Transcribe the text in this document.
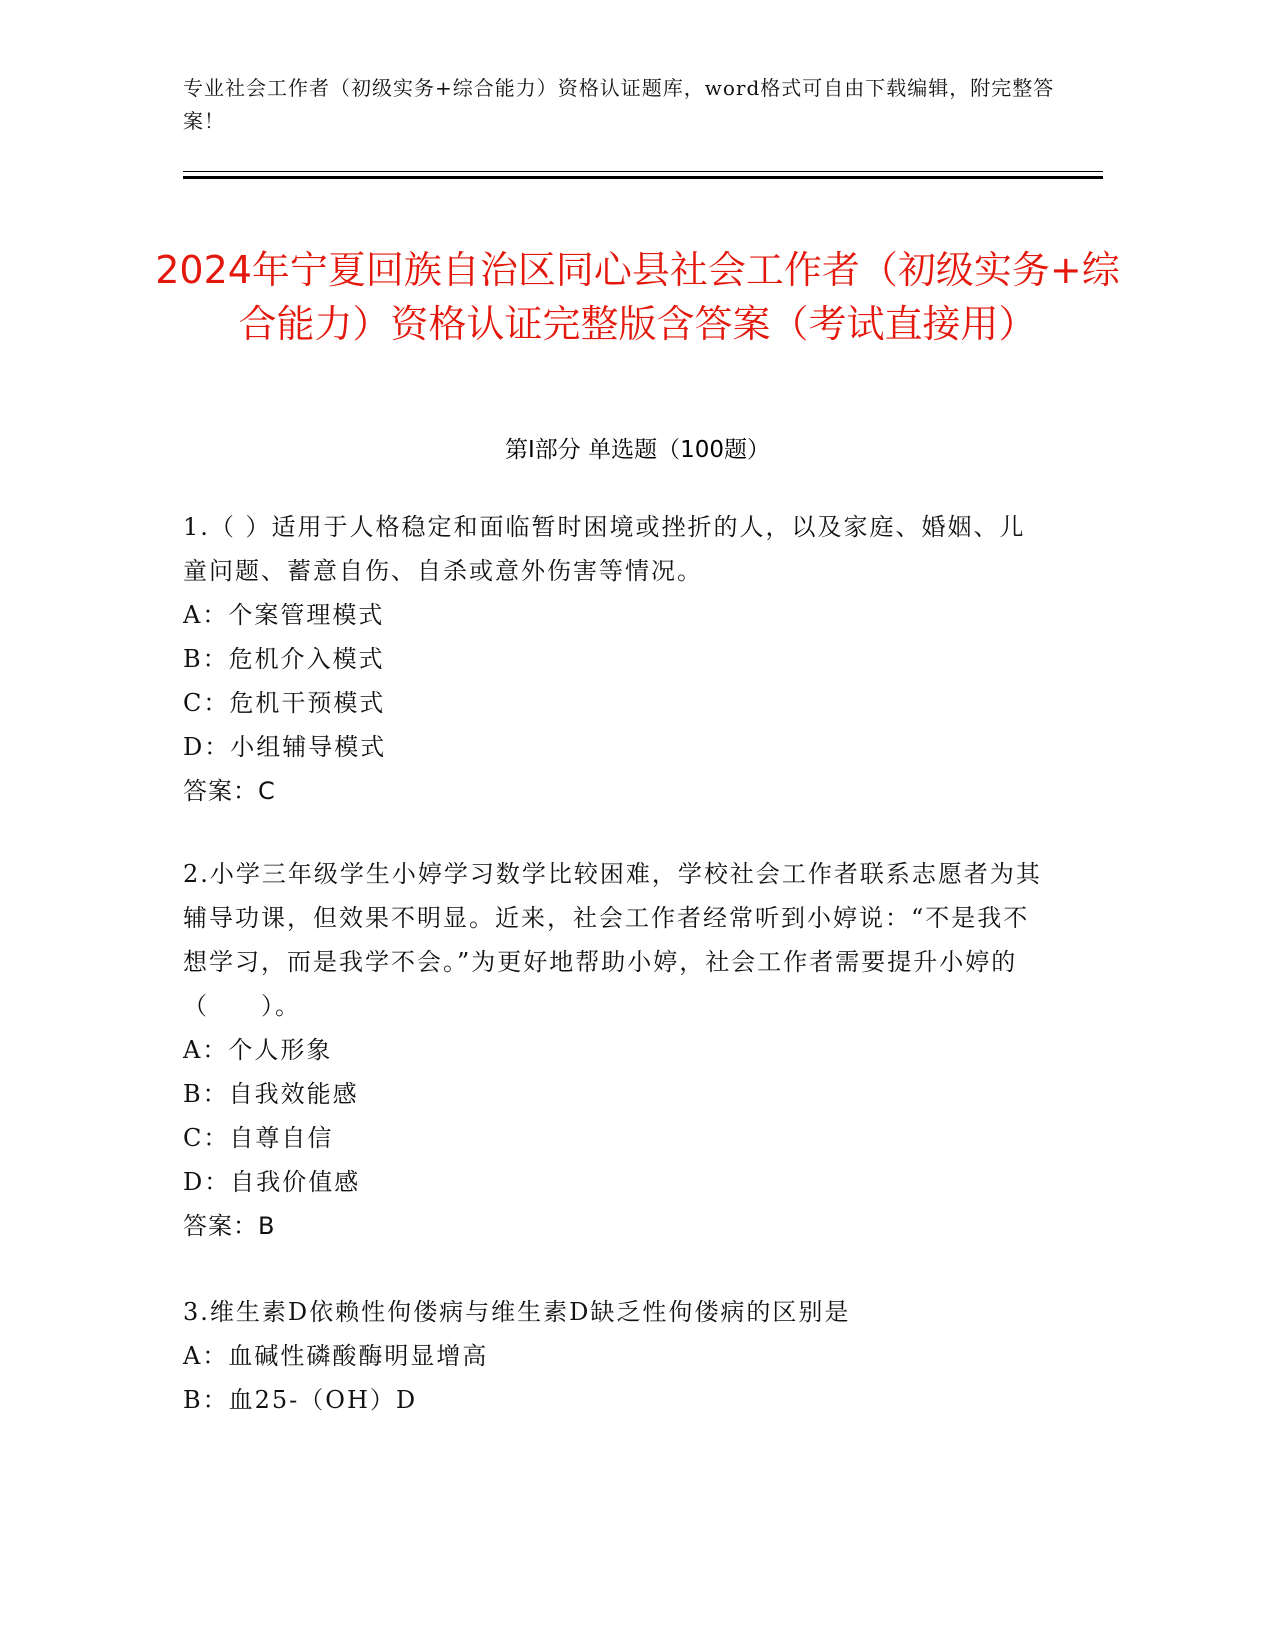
专业社会工作者（初级实务+综合能力）资格认证题库，word格式可自由下载编辑，附完整答案！
2024年宁夏回族自治区同心县社会工作者（初级实务+综合能力）资格认证完整版含答案（考试直接用）
第I部分 单选题（100题）

1.（ ）适用于人格稳定和面临暂时困境或挫折的人，以及家庭、婚姻、儿童问题、蓄意自伤、自杀或意外伤害等情况。

A：个案管理模式

B：危机介入模式

C：危机干预模式

D：小组辅导模式

答案：C

2.小学三年级学生小婷学习数学比较困难，学校社会工作者联系志愿者为其辅导功课，但效果不明显。近来，社会工作者经常听到小婷说：“不是我不想学习，而是我学不会。”为更好地帮助小婷，社会工作者需要提升小婷的（　　）。

A：个人形象

B：自我效能感

C：自尊自信

D：自我价值感

答案：B

3.维生素D依赖性佝偻病与维生素D缺乏性佝偻病的区别是

A：血碱性磷酸酶明显增高

B：血25-（OH）D
